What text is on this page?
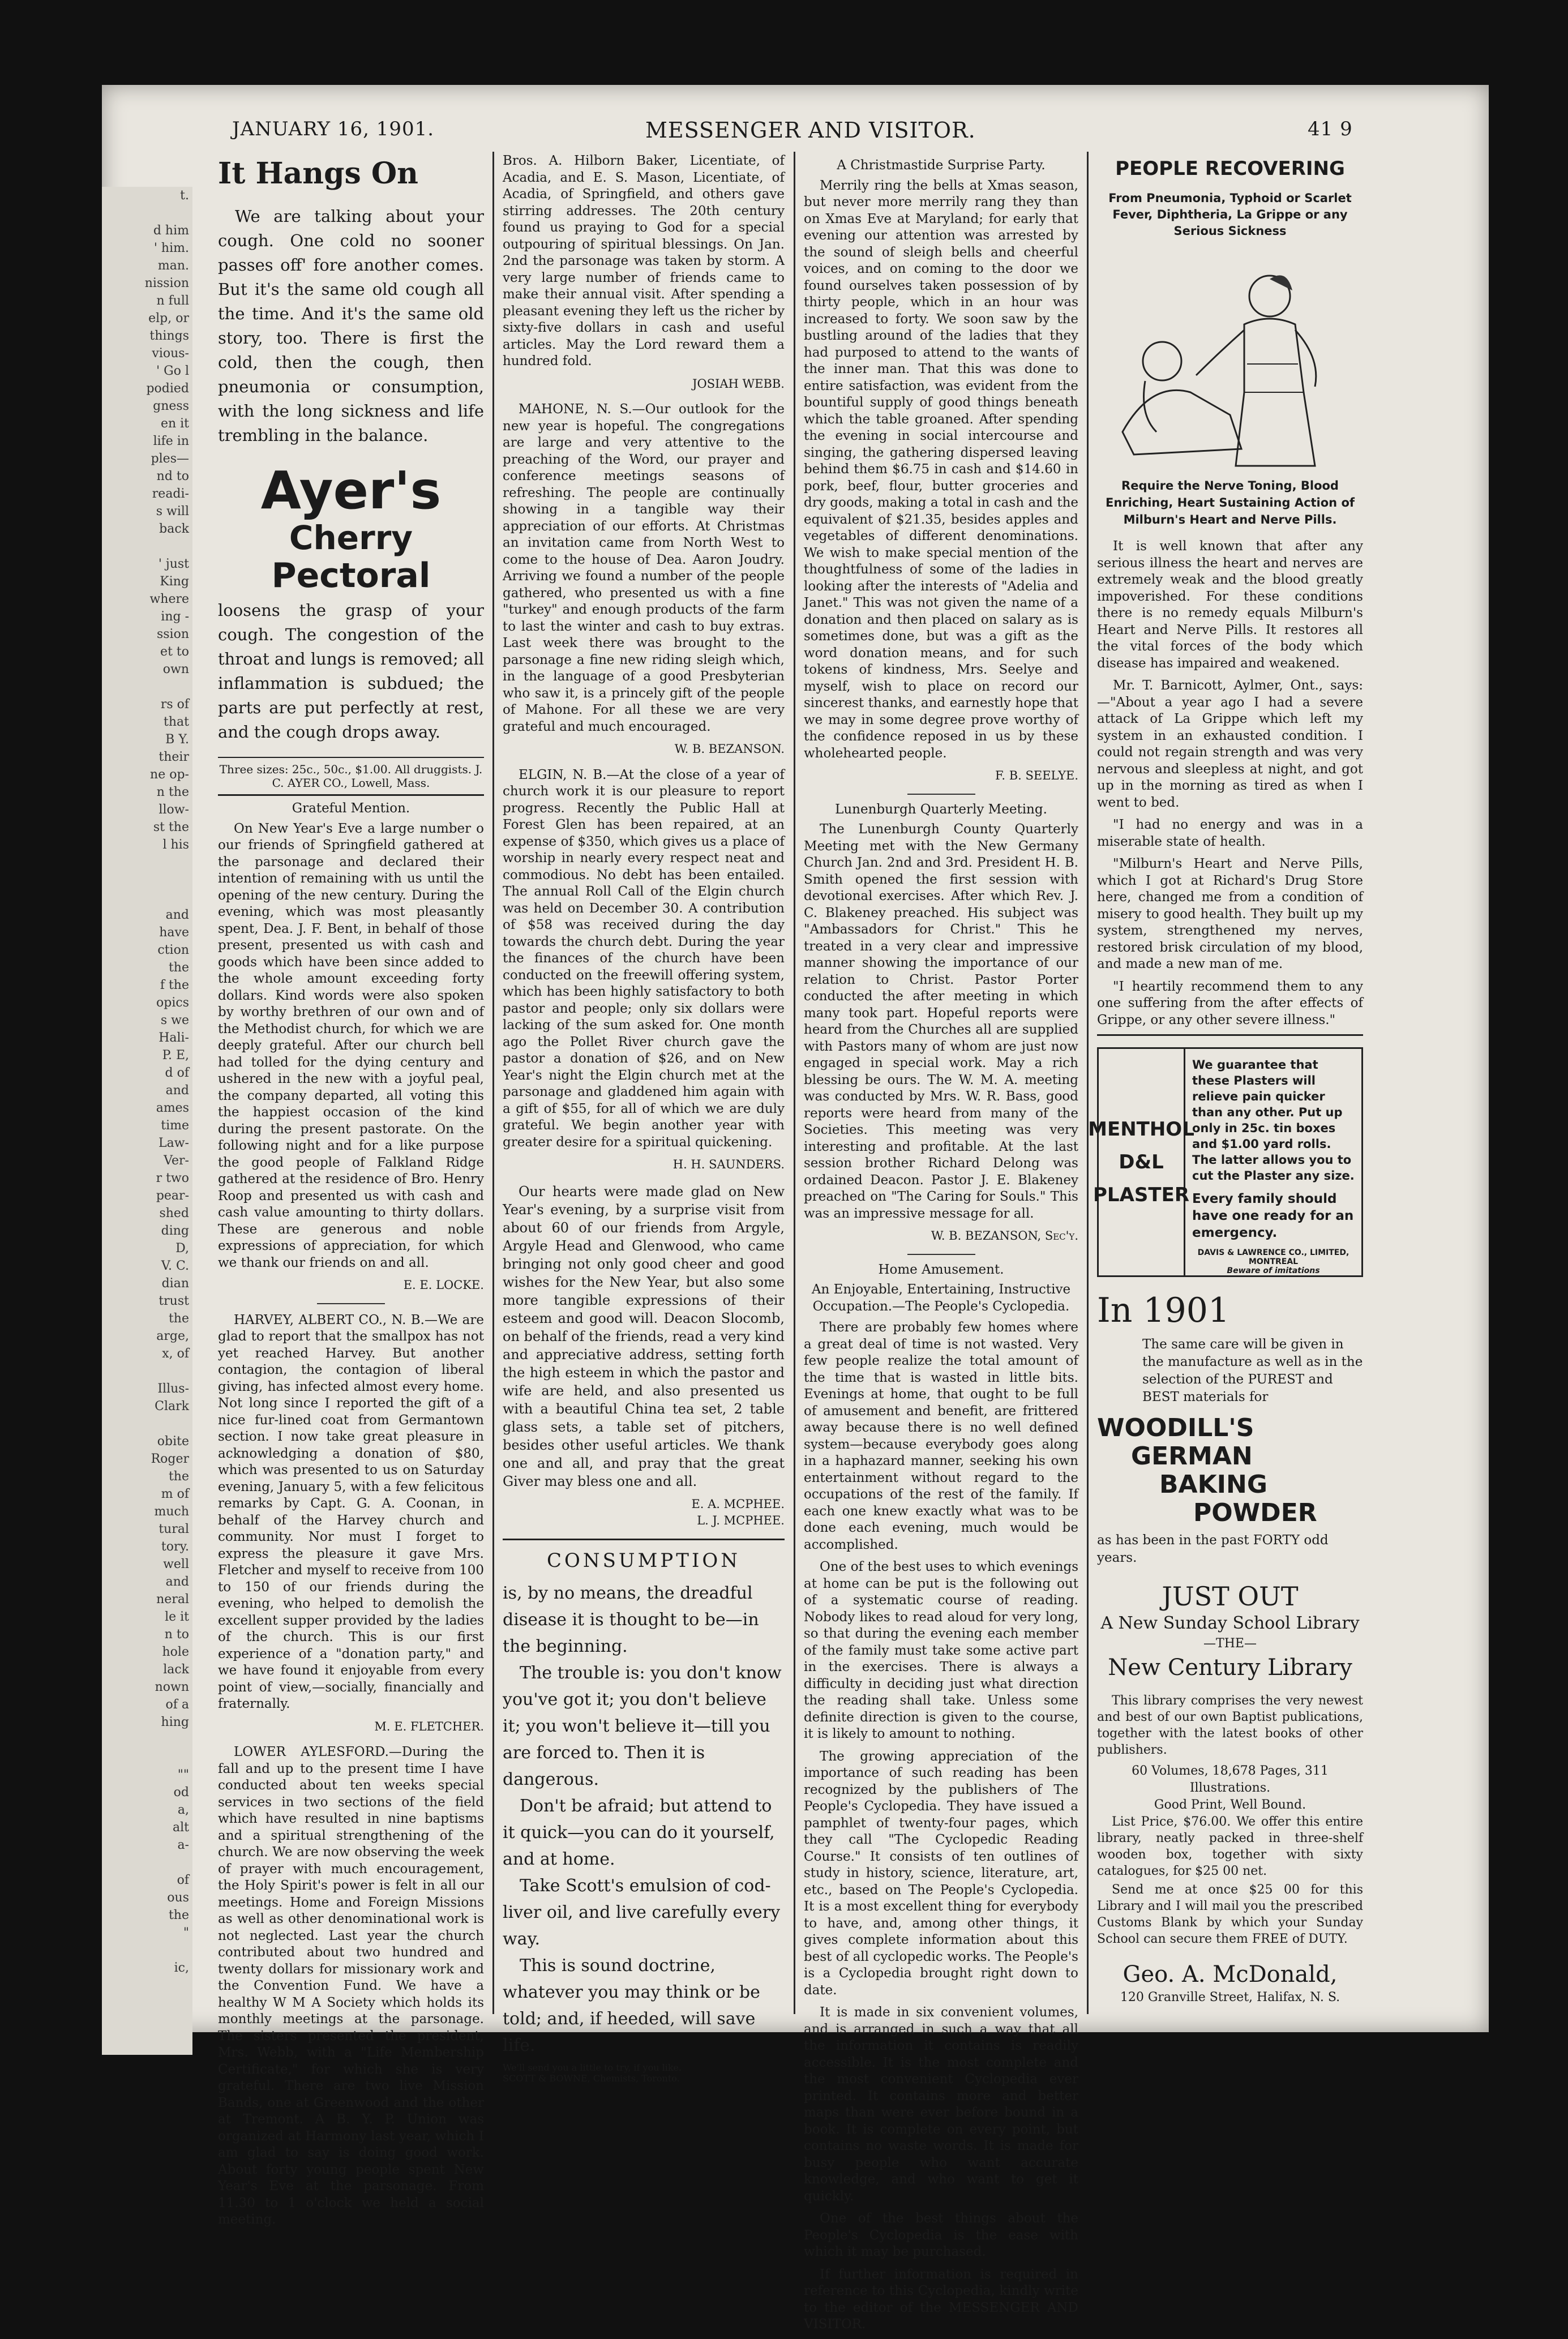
t.

d him
' him.
man.
nission
n full
elp, or
things
vious-
' Go l
podied
gness
en it
life in
ples—
nd to
readi-
s will
back

' just
King
where
ing -
ssion
et to
own

rs of
that
B Y.
their
ne op-
n the
llow-
st the
l his

and
have
ction
the
f the
opics
s we
Hali-
P. E,
d of
and
ames
time
Law-
Ver-
r two
pear-
shed
ding
D,
V. C.
dian
trust
the
arge,
x, of

Illus-
Clark

obite
Roger
the
m of
much
tural
tory.
well
and
neral
le it
n to
hole
lack
nown
of a
hing

""
od
a,
alt
a-

of
ous
the
"

ic,
JANUARY 16, 1901.	MESSENGER AND VISITOR.	41 9
It Hangs On
We are talking about your cough. One cold no sooner passes off' fore another comes. But it's the same old cough all the time. And it's the same old story, too. There is first the cold, then the cough, then pneumonia or consumption, with the long sickness and life trembling in the balance.
Ayer's
Cherry
Pectoral
loosens the grasp of your cough. The congestion of the throat and lungs is removed; all inflammation is subdued; the parts are put perfectly at rest, and the cough drops away.
Three sizes: 25c., 50c., $1.00. All druggists. J. C. AYER CO., Lowell, Mass.
Grateful Mention.

On New Year's Eve a large number o our friends of Springfield gathered at the parsonage and declared their intention of remaining with us until the opening of the new century. During the evening, which was most pleasantly spent, Dea. J. F. Bent, in behalf of those present, presented us with cash and goods which have been since added to the whole amount exceeding forty dollars. Kind words were also spoken by worthy brethren of our own and of the Methodist church, for which we are deeply grateful. After our church bell had tolled for the dying century and ushered in the new with a joyful peal, the company departed, all voting this the happiest occasion of the kind during the present pastorate. On the following night and for a like purpose the good people of Falkland Ridge gathered at the residence of Bro. Henry Roop and presented us with cash and cash value amounting to thirty dollars. These are generous and noble expressions of appreciation, for which we thank our friends on and all.

E. E. LOCKE.

HARVEY, ALBERT CO., N. B.—We are glad to report that the smallpox has not yet reached Harvey. But another contagion, the contagion of liberal giving, has infected almost every home. Not long since I reported the gift of a nice fur-lined coat from Germantown section. I now take great pleasure in acknowledging a donation of $80, which was presented to us on Saturday evening, January 5, with a few felicitous remarks by Capt. G. A. Coonan, in behalf of the Harvey church and community. Nor must I forget to express the pleasure it gave Mrs. Fletcher and myself to receive from 100 to 150 of our friends during the evening, who helped to demolish the excellent supper provided by the ladies of the church. This is our first experience of a "donation party," and we have found it enjoyable from every point of view,—socially, financially and fraternally.

M. E. FLETCHER.

LOWER AYLESFORD.—During the fall and up to the present time I have conducted about ten weeks special services in two sections of the field which have resulted in nine baptisms and a spiritual strengthening of the church. We are now observing the week of prayer with much encouragement, the Holy Spirit's power is felt in all our meetings. Home and Foreign Missions as well as other denominational work is not neglected. Last year the church contributed about two hundred and twenty dollars for missionary work and the Convention Fund. We have a healthy W M A Society which holds its monthly meetings at the parsonage. The sisters presented the president, Mrs. Webb, with a "Life Membership Certificate," for which she is very grateful. There are two live Mission Bands, one at Greenwood and the other at Tremont. A B. Y. P. Union was organized at Harmony last year, which I am glad to say is doing good work. About forty young people spent New Year's Eve at the parsonage. From 11.30 to 1 o'clock we held a social meeting.

Bros. A. Hilborn Baker, Licentiate, of Acadia, and E. S. Mason, Licentiate, of Acadia, of Springfield, and others gave stirring addresses. The 20th century found us praying to God for a special outpouring of spiritual blessings. On Jan. 2nd the parsonage was taken by storm. A very large number of friends came to make their annual visit. After spending a pleasant evening they left us the richer by sixty-five dollars in cash and useful articles. May the Lord reward them a hundred fold.

JOSIAH WEBB.

MAHONE, N. S.—Our outlook for the new year is hopeful. The congregations are large and very attentive to the preaching of the Word, our prayer and conference meetings seasons of refreshing. The people are continually showing in a tangible way their appreciation of our efforts. At Christmas an invitation came from North West to come to the house of Dea. Aaron Joudry. Arriving we found a number of the people gathered, who presented us with a fine "turkey" and enough products of the farm to last the winter and cash to buy extras. Last week there was brought to the parsonage a fine new riding sleigh which, in the language of a good Presbyterian who saw it, is a princely gift of the people of Mahone. For all these we are very grateful and much encouraged.

W. B. BEZANSON.

ELGIN, N. B.—At the close of a year of church work it is our pleasure to report progress. Recently the Public Hall at Forest Glen has been repaired, at an expense of $350, which gives us a place of worship in nearly every respect neat and commodious. No debt has been entailed. The annual Roll Call of the Elgin church was held on December 30. A contribution of $58 was received during the day towards the church debt. During the year the finances of the church have been conducted on the freewill offering system, which has been highly satisfactory to both pastor and people; only six dollars were lacking of the sum asked for. One month ago the Pollet River church gave the pastor a donation of $26, and on New Year's night the Elgin church met at the parsonage and gladdened him again with a gift of $55, for all of which we are duly grateful. We begin another year with greater desire for a spiritual quickening.

H. H. SAUNDERS.

Our hearts were made glad on New Year's evening, by a surprise visit from about 60 of our friends from Argyle, Argyle Head and Glenwood, who came bringing not only good cheer and good wishes for the New Year, but also some more tangible expressions of their esteem and good will. Deacon Slocomb, on behalf of the friends, read a very kind and appreciative address, setting forth the high esteem in which the pastor and wife are held, and also presented us with a beautiful China tea set, 2 table glass sets, a table set of pitchers, besides other useful articles. We thank one and all, and pray that the great Giver may bless one and all.

E. A. MCPHEE.
L. J. MCPHEE.
CONSUMPTION
is, by no means, the dreadful disease it is thought to be—in the beginning.
The trouble is: you don't know you've got it; you don't believe it; you won't believe it—till you are forced to. Then it is dangerous.
Don't be afraid; but attend to it quick—you can do it yourself, and at home.
Take Scott's emulsion of cod-liver oil, and live carefully every way.
This is sound doctrine, whatever you may think or be told; and, if heeded, will save life.
We'll send you a little to try, if you like.
SCOTT & BOWNE, Chemists, Toronto.
A Christmastide Surprise Party.

Merrily ring the bells at Xmas season, but never more merrily rang they than on Xmas Eve at Maryland; for early that evening our attention was arrested by the sound of sleigh bells and cheerful voices, and on coming to the door we found ourselves taken possession of by thirty people, which in an hour was increased to forty. We soon saw by the bustling around of the ladies that they had purposed to attend to the wants of the inner man. That this was done to entire satisfaction, was evident from the bountiful supply of good things beneath which the table groaned. After spending the evening in social intercourse and singing, the gathering dispersed leaving behind them $6.75 in cash and $14.60 in pork, beef, flour, butter groceries and dry goods, making a total in cash and the equivalent of $21.35, besides apples and vegetables of different denominations. We wish to make special mention of the thoughtfulness of some of the ladies in looking after the interests of "Adelia and Janet." This was not given the name of a donation and then placed on salary as is sometimes done, but was a gift as the word donation means, and for such tokens of kindness, Mrs. Seelye and myself, wish to place on record our sincerest thanks, and earnestly hope that we may in some degree prove worthy of the confidence reposed in us by these wholehearted people.

F. B. SEELYE.
Lunenburgh Quarterly Meeting.

The Lunenburgh County Quarterly Meeting met with the New Germany Church Jan. 2nd and 3rd. President H. B. Smith opened the first session with devotional exercises. After which Rev. J. C. Blakeney preached. His subject was "Ambassadors for Christ." This he treated in a very clear and impressive manner showing the importance of our relation to Christ. Pastor Porter conducted the after meeting in which many took part. Hopeful reports were heard from the Churches all are supplied with Pastors many of whom are just now engaged in special work. May a rich blessing be ours. The W. M. A. meeting was conducted by Mrs. W. R. Bass, good reports were heard from many of the Societies. This meeting was very interesting and profitable. At the last session brother Richard Delong was ordained Deacon. Pastor J. E. Blakeney preached on "The Caring for Souls." This was an impressive message for all.

W. B. BEZANSON, Sec'y.
Home Amusement.
An Enjoyable, Entertaining, Instructive Occupation.—The People's Cyclopedia.

There are probably few homes where a great deal of time is not wasted. Very few people realize the total amount of the time that is wasted in little bits. Evenings at home, that ought to be full of amusement and benefit, are frittered away because there is no well defined system—because everybody goes along in a haphazard manner, seeking his own entertainment without regard to the occupations of the rest of the family. If each one knew exactly what was to be done each evening, much would be accomplished.

One of the best uses to which evenings at home can be put is the following out of a systematic course of reading. Nobody likes to read aloud for very long, so that during the evening each member of the family must take some active part in the exercises. There is always a difficulty in deciding just what direction the reading shall take. Unless some definite direction is given to the course, it is likely to amount to nothing.

The growing appreciation of the importance of such reading has been recognized by the publishers of The People's Cyclopedia. They have issued a pamphlet of twenty-four pages, which they call "The Cyclopedic Reading Course." It consists of ten outlines of study in history, science, literature, art, etc., based on The People's Cyclopedia. It is a most excellent thing for everybody to have, and, among other things, it gives complete information about this best of all cyclopedic works. The People's is a Cyclopedia brought right down to date.

It is made in six convenient volumes, and is arranged in such a way that all the information it contains is readily accessible. It is the most complete and the most convenient Cyclopedia ever printed. It contains more and better maps than were ever before bound in a book. It is complete on every point, but contains no waste words. It is made for busy people who want accurate knowledge, and who want to get it quickly.

One of the best things about the People's Cyclopedia is the ease with which it may be purchased.

If further information is required in reference to this Cyclopedia, kindly write to the editor of the MESSENGER AND VISITOR.

PEOPLE RECOVERING
From Pneumonia, Typhoid or Scarlet Fever, Diphtheria, La Grippe or any Serious Sickness
Require the Nerve Toning, Blood Enriching, Heart Sustaining Action of Milburn's Heart and Nerve Pills.

It is well known that after any serious illness the heart and nerves are extremely weak and the blood greatly impoverished. For these conditions there is no remedy equals Milburn's Heart and Nerve Pills. It restores all the vital forces of the body which disease has impaired and weakened.

Mr. T. Barnicott, Aylmer, Ont., says:—"About a year ago I had a severe attack of La Grippe which left my system in an exhausted condition. I could not regain strength and was very nervous and sleepless at night, and got up in the morning as tired as when I went to bed.

"I had no energy and was in a miserable state of health.

"Milburn's Heart and Nerve Pills, which I got at Richard's Drug Store here, changed me from a condition of misery to good health. They built up my system, strengthened my nerves, restored brisk circulation of my blood, and made a new man of me.

"I heartily recommend them to any one suffering from the after effects of Grippe, or any other severe illness."

MENTHOL
D&L
PLASTER
We guarantee that these Plasters will relieve pain quicker than any other. Put up only in 25c. tin boxes and $1.00 yard rolls. The latter allows you to cut the Plaster any size.
Every family should have one ready for an emergency.
DAVIS & LAWRENCE CO., LIMITED, MONTREAL
Beware of imitations
In 1901
The same care will be given in the manufacture as well as in the selection of the PUREST and BEST materials for
WOODILL'S
GERMAN
BAKING
POWDER
as has been in the past FORTY odd years.
JUST OUT
A New Sunday School Library
—THE—
New Century Library
This library comprises the very newest and best of our own Baptist publications, together with the latest books of other publishers.
60 Volumes, 18,678 Pages, 311 Illustrations.
Good Print, Well Bound.
List Price, $76.00. We offer this entire library, neatly packed in three-shelf wooden box, together with sixty catalogues, for $25 00 net.
Send me at once $25 00 for this Library and I will mail you the prescribed Customs Blank by which your Sunday School can secure them FREE of DUTY.
Geo. A. McDonald,
120 Granville Street, Halifax, N. S.
